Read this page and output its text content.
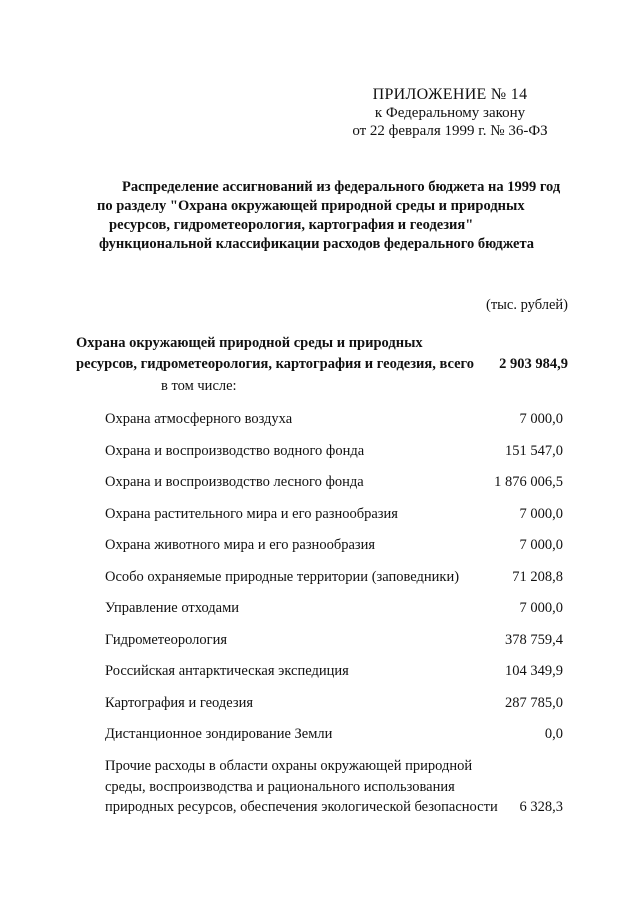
ПРИЛОЖЕНИЕ № 14
к Федеральному закону
от 22 февраля 1999 г. № 36-ФЗ
Распределение ассигнований из федерального бюджета на 1999 год
по разделу "Охрана окружающей природной среды и природных
ресурсов, гидрометеорология, картография и геодезия"
функциональной классификации расходов федерального бюджета
(тыс. рублей)
Охрана окружающей природной среды и природных ресурсов, гидрометеорология, картография и геодезия, всего	2 903 984,9
в том числе:
Охрана атмосферного воздуха	7 000,0
Охрана и воспроизводство водного фонда	151 547,0
Охрана и воспроизводство лесного фонда	1 876 006,5
Охрана растительного мира и его разнообразия	7 000,0
Охрана животного мира и его разнообразия	7 000,0
Особо охраняемые природные территории (заповедники)	71 208,8
Управление отходами	7 000,0
Гидрометеорология	378 759,4
Российская антарктическая экспедиция	104 349,9
Картография и геодезия	287 785,0
Дистанционное зондирование Земли	0,0
Прочие расходы в области охраны окружающей природной среды, воспроизводства и рационального использования природных ресурсов, обеспечения экологической безопасности	6 328,3
